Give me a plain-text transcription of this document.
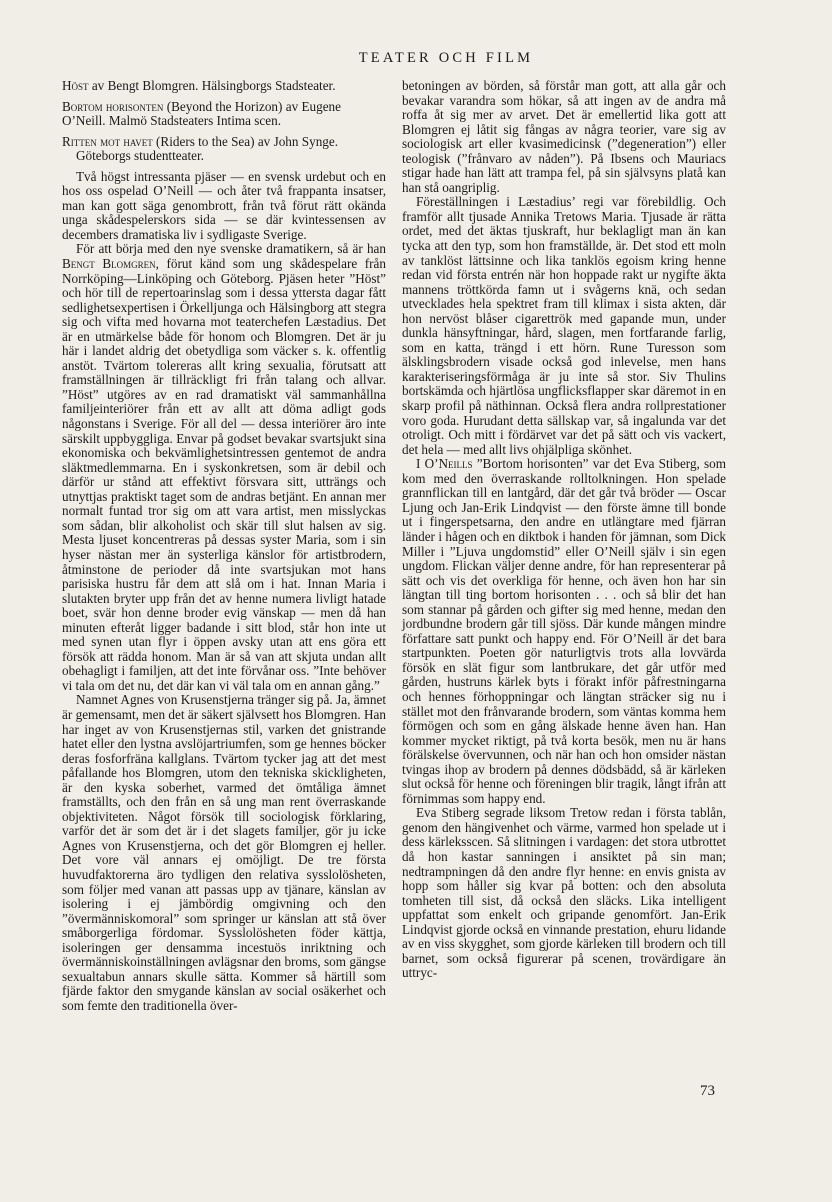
TEATER OCH FILM

Höst av Bengt Blomgren. Hälsingborgs Stadsteater.

Bortom horisonten (Beyond the Horizon) av Eugene O’Neill. Malmö Stadsteaters Intima scen.

Ritten mot havet (Riders to the Sea) av John Synge.
Göteborgs studentteater.

Två högst intressanta pjäser — en svensk urdebut och en hos oss ospelad O’Neill — och åter två frappanta insatser, man kan gott säga genombrott, från två förut rätt okända unga skådespelerskors sida — se där kvintessensen av decembers dramatiska liv i sydligaste Sverige.

För att börja med den nye svenske dramatikern, så är han Bengt Blomgren, förut känd som ung skådespelare från Norrköping—Linköping och Göteborg. Pjäsen heter ”Höst” och hör till de repertoarinslag som i dessa yttersta dagar fått sedlighetsexpertisen i Örkelljunga och Hälsingborg att stegra sig och vifta med hovarna mot teaterchefen Læstadius. Det är en utmärkelse både för honom och Blomgren. Det är ju här i landet aldrig det obetydliga som väcker s. k. offentlig anstöt. Tvärtom tolereras allt kring sexualia, förutsatt att framställningen är tillräckligt fri från talang och allvar. ”Höst” utgöres av en rad dramatiskt väl sammanhållna familjeinteriörer från ett av allt att döma adligt gods någonstans i Sverige. För all del — dessa interiörer äro inte särskilt uppbyggliga. Envar på godset bevakar svartsjukt sina ekonomiska och bekvämlighetsintressen gentemot de andra släktmedlemmarna. En i syskonkretsen, som är debil och därför ur stånd att effektivt försvara sitt, utträngs och utnyttjas praktiskt taget som de andras betjänt. En annan mer normalt funtad tror sig om att vara artist, men misslyckas som sådan, blir alkoholist och skär till slut halsen av sig. Mesta ljuset koncentreras på dessas syster Maria, som i sin hyser nästan mer än systerliga känslor för artistbrodern, åtminstone de perioder då inte svartsjukan mot hans parisiska hustru får dem att slå om i hat. Innan Maria i slutakten bryter upp från det av henne numera livligt hatade boet, svär hon denne broder evig vänskap — men då han minuten efteråt ligger badande i sitt blod, står hon inte ut med synen utan flyr i öppen avsky utan att ens göra ett försök att rädda honom. Man är så van att skjuta undan allt obehagligt i familjen, att det inte förvånar oss. ”Inte behöver vi tala om det nu, det där kan vi väl tala om en annan gång.”

Namnet Agnes von Krusenstjerna tränger sig på. Ja, ämnet är gemensamt, men det är säkert självsett hos Blomgren. Han har inget av von Krusenstjernas stil, varken det gnistrande hatet eller den lystna avslöjartriumfen, som ge hennes böcker deras fosforfräna kallglans. Tvärtom tycker jag att det mest påfallande hos Blomgren, utom den tekniska skickligheten, är den kyska soberhet, varmed det ömtåliga ämnet framställts, och den från en så ung man rent överraskande objektiviteten. Något försök till sociologisk förklaring, varför det är som det är i det slagets familjer, gör ju icke Agnes von Krusenstjerna, och det gör Blomgren ej heller. Det vore väl annars ej omöjligt. De tre första huvudfaktorerna äro tydligen den relativa sysslolösheten, som följer med vanan att passas upp av tjänare, känslan av isolering i ej jämbördig omgivning och den ”övermänniskomoral” som springer ur känslan att stå över småborgerliga fördomar. Sysslolösheten föder kättja, isoleringen ger densamma incestuös inriktning och övermänniskoinställningen avlägsnar den broms, som gängse sexualtabun annars skulle sätta. Kommer så härtill som fjärde faktor den smygande känslan av social osäkerhet och som femte den traditionella över-

betoningen av börden, så förstår man gott, att alla går och bevakar varandra som hökar, så att ingen av de andra må roffa åt sig mer av arvet. Det är emellertid lika gott att Blomgren ej låtit sig fångas av några teorier, vare sig av sociologisk art eller kvasimedicinsk (”degeneration”) eller teologisk (”frånvaro av nåden”). På Ibsens och Mauriacs stigar hade han lätt att trampa fel, på sin självsyns platå kan han stå oangriplig.

Föreställningen i Læstadius’ regi var förebildlig. Och framför allt tjusade Annika Tretows Maria. Tjusade är rätta ordet, med det äktas tjuskraft, hur beklagligt man än kan tycka att den typ, som hon framställde, är. Det stod ett moln av tanklöst lättsinne och lika tanklös egoism kring henne redan vid första entrén när hon hoppade rakt ur nygifte äkta mannens tröttkörda famn ut i svågerns knä, och sedan utvecklades hela spektret fram till klimax i sista akten, där hon nervöst blåser cigarettrök med gapande mun, under dunkla hänsyftningar, hård, slagen, men fortfarande farlig, som en katta, trängd i ett hörn. Rune Turesson som älsklingsbrodern visade också god inlevelse, men hans karakteriseringsförmåga är ju inte så stor. Siv Thulins bortskämda och hjärtlösa ungflicksflapper skar däremot in en skarp profil på näthinnan. Också flera andra rollprestationer voro goda. Hurudant detta sällskap var, så ingalunda var det otroligt. Och mitt i fördärvet var det på sätt och vis vackert, det hela — med allt livs ohjälpliga skönhet.

I O’Neills ”Bortom horisonten” var det Eva Stiberg, som kom med den överraskande rolltolkningen. Hon spelade grannflickan till en lantgård, där det går två bröder — Oscar Ljung och Jan-Erik Lindqvist — den förste ämne till bonde ut i fingerspetsarna, den andre en utlängtare med fjärran länder i hågen och en diktbok i handen för jämnan, som Dick Miller i ”Ljuva ungdomstid” eller O’Neill själv i sin egen ungdom. Flickan väljer denne andre, för han representerar på sätt och vis det overkliga för henne, och även hon har sin längtan till ting bortom horisonten . . . och så blir det han som stannar på gården och gifter sig med henne, medan den jordbundne brodern går till sjöss. Där kunde mången mindre författare satt punkt och happy end. För O’Neill är det bara startpunkten. Poeten gör naturligtvis trots alla lovvärda försök en slät figur som lantbrukare, det går utför med gården, hustruns kärlek byts i förakt inför påfrestningarna och hennes förhoppningar och längtan sträcker sig nu i stället mot den frånvarande brodern, som väntas komma hem förmögen och som en gång älskade henne även han. Han kommer mycket riktigt, på två korta besök, men nu är hans förälskelse övervunnen, och när han och hon omsider nästan tvingas ihop av brodern på dennes dödsbädd, så är kärleken slut också för henne och föreningen blir tragik, långt ifrån att förnimmas som happy end.

Eva Stiberg segrade liksom Tretow redan i första tablån, genom den hängivenhet och värme, varmed hon spelade ut i dess kärleksscen. Så slitningen i vardagen: det stora utbrottet då hon kastar sanningen i ansiktet på sin man; nedtrampningen då den andre flyr henne: en envis gnista av hopp som håller sig kvar på botten: och den absoluta tomheten till sist, då också den släcks. Lika intelligent uppfattat som enkelt och gripande genomfört. Jan-Erik Lindqvist gjorde också en vinnande prestation, ehuru lidande av en viss skygghet, som gjorde kärleken till brodern och till barnet, som också figurerar på scenen, trovärdigare än uttryc-

73
